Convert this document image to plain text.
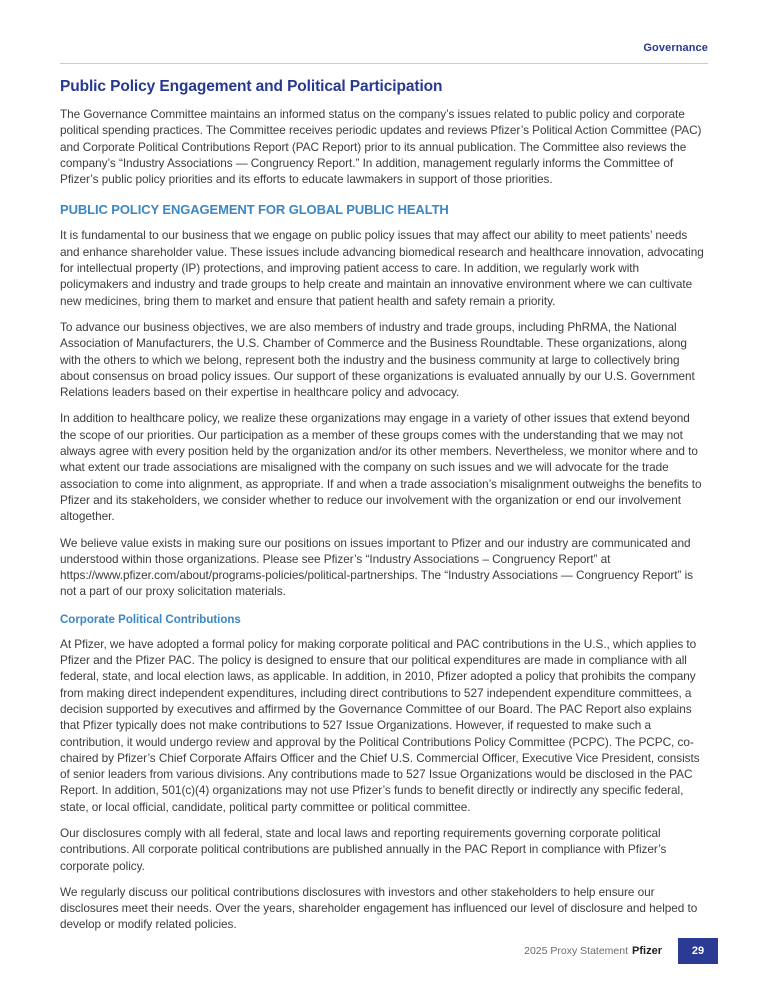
Governance
Public Policy Engagement and Political Participation

The Governance Committee maintains an informed status on the company’s issues related to public policy and corporate political spending practices. The Committee receives periodic updates and reviews Pfizer’s Political Action Committee (PAC) and Corporate Political Contributions Report (PAC Report) prior to its annual publication. The Committee also reviews the company’s “Industry Associations — Congruency Report.” In addition, management regularly informs the Committee of Pfizer’s public policy priorities and its efforts to educate lawmakers in support of those priorities.

PUBLIC POLICY ENGAGEMENT FOR GLOBAL PUBLIC HEALTH

It is fundamental to our business that we engage on public policy issues that may affect our ability to meet patients’ needs and enhance shareholder value. These issues include advancing biomedical research and healthcare innovation, advocating for intellectual property (IP) protections, and improving patient access to care. In addition, we regularly work with policymakers and industry and trade groups to help create and maintain an innovative environment where we can cultivate new medicines, bring them to market and ensure that patient health and safety remain a priority.

To advance our business objectives, we are also members of industry and trade groups, including PhRMA, the National Association of Manufacturers, the U.S. Chamber of Commerce and the Business Roundtable. These organizations, along with the others to which we belong, represent both the industry and the business community at large to collectively bring about consensus on broad policy issues. Our support of these organizations is evaluated annually by our U.S. Government Relations leaders based on their expertise in healthcare policy and advocacy.

In addition to healthcare policy, we realize these organizations may engage in a variety of other issues that extend beyond the scope of our priorities. Our participation as a member of these groups comes with the understanding that we may not always agree with every position held by the organization and/or its other members. Nevertheless, we monitor where and to what extent our trade associations are misaligned with the company on such issues and we will advocate for the trade association to come into alignment, as appropriate. If and when a trade association’s misalignment outweighs the benefits to Pfizer and its stakeholders, we consider whether to reduce our involvement with the organization or end our involvement altogether.

We believe value exists in making sure our positions on issues important to Pfizer and our industry are communicated and understood within those organizations. Please see Pfizer’s “Industry Associations – Congruency Report” at https://www.pfizer.com/about/programs-policies/political-partnerships. The “Industry Associations — Congruency Report” is not a part of our proxy solicitation materials.

Corporate Political Contributions

At Pfizer, we have adopted a formal policy for making corporate political and PAC contributions in the U.S., which applies to Pfizer and the Pfizer PAC. The policy is designed to ensure that our political expenditures are made in compliance with all federal, state, and local election laws, as applicable. In addition, in 2010, Pfizer adopted a policy that prohibits the company from making direct independent expenditures, including direct contributions to 527 independent expenditure committees, a decision supported by executives and affirmed by the Governance Committee of our Board. The PAC Report also explains that Pfizer typically does not make contributions to 527 Issue Organizations. However, if requested to make such a contribution, it would undergo review and approval by the Political Contributions Policy Committee (PCPC). The PCPC, co-chaired by Pfizer’s Chief Corporate Affairs Officer and the Chief U.S. Commercial Officer, Executive Vice President, consists of senior leaders from various divisions. Any contributions made to 527 Issue Organizations would be disclosed in the PAC Report. In addition, 501(c)(4) organizations may not use Pfizer’s funds to benefit directly or indirectly any specific federal, state, or local official, candidate, political party committee or political committee.

Our disclosures comply with all federal, state and local laws and reporting requirements governing corporate political contributions. All corporate political contributions are published annually in the PAC Report in compliance with Pfizer’s corporate policy.

We regularly discuss our political contributions disclosures with investors and other stakeholders to help ensure our disclosures meet their needs. Over the years, shareholder engagement has influenced our level of disclosure and helped to develop or modify related policies.

2025 Proxy Statement Pfizer	29
